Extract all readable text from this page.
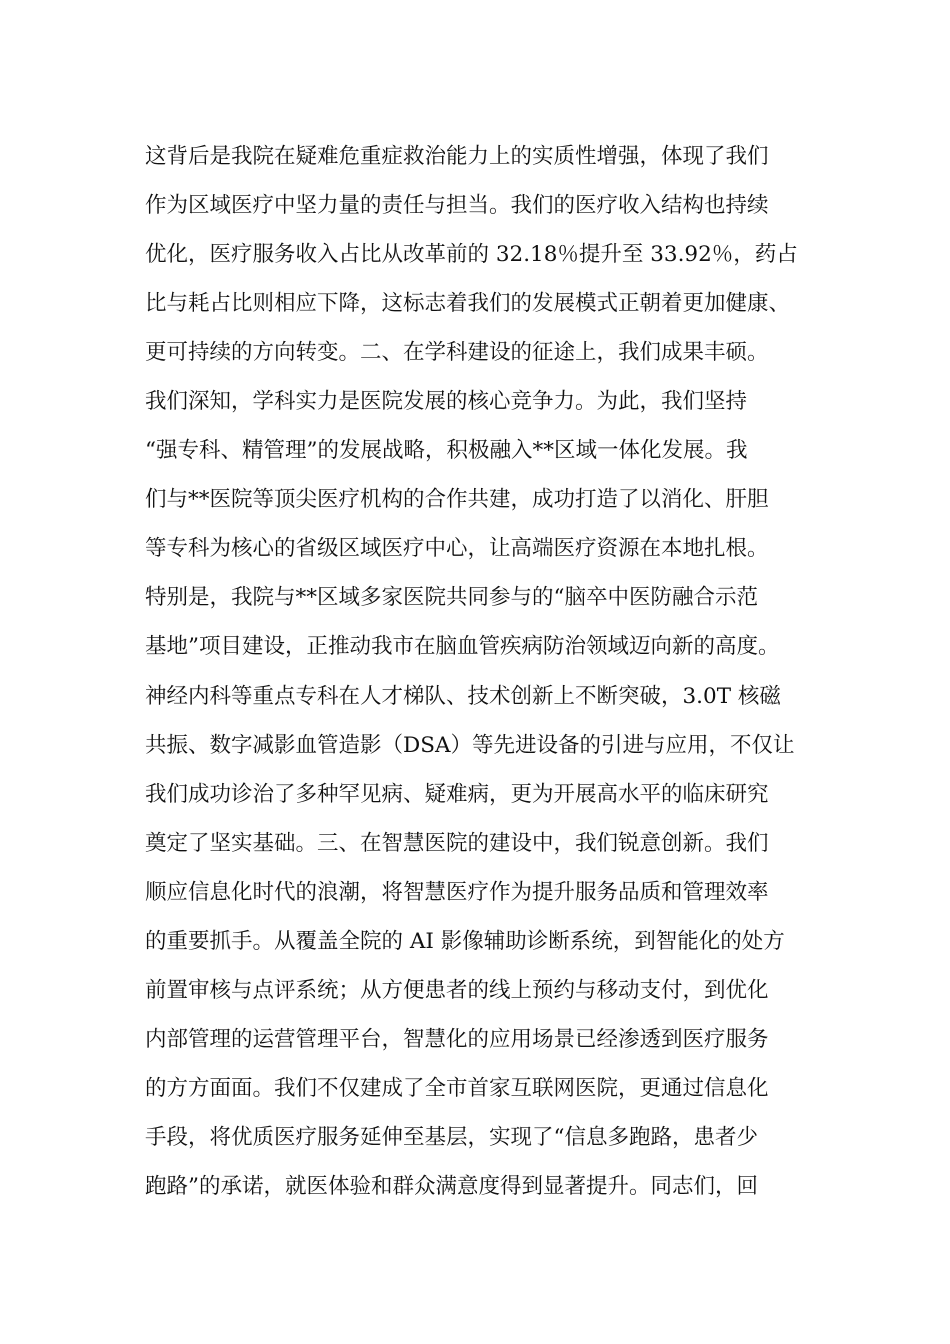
这背后是我院在疑难危重症救治能力上的实质性增强，体现了我们
作为区域医疗中坚力量的责任与担当。我们的医疗收入结构也持续
优化，医疗服务收入占比从改革前的 32.18％提升至 33.92％，药占
比与耗占比则相应下降，这标志着我们的发展模式正朝着更加健康、
更可持续的方向转变。二、在学科建设的征途上，我们成果丰硕。
我们深知，学科实力是医院发展的核心竞争力。为此，我们坚持
“强专科、精管理”的发展战略，积极融入**区域一体化发展。我
们与**医院等顶尖医疗机构的合作共建，成功打造了以消化、肝胆
等专科为核心的省级区域医疗中心，让高端医疗资源在本地扎根。
特别是，我院与**区域多家医院共同参与的“脑卒中医防融合示范
基地”项目建设，正推动我市在脑血管疾病防治领域迈向新的高度。
神经内科等重点专科在人才梯队、技术创新上不断突破，3.0T 核磁
共振、数字减影血管造影（DSA）等先进设备的引进与应用，不仅让
我们成功诊治了多种罕见病、疑难病，更为开展高水平的临床研究
奠定了坚实基础。三、在智慧医院的建设中，我们锐意创新。我们
顺应信息化时代的浪潮，将智慧医疗作为提升服务品质和管理效率
的重要抓手。从覆盖全院的 AI 影像辅助诊断系统，到智能化的处方
前置审核与点评系统；从方便患者的线上预约与移动支付，到优化
内部管理的运营管理平台，智慧化的应用场景已经渗透到医疗服务
的方方面面。我们不仅建成了全市首家互联网医院，更通过信息化
手段，将优质医疗服务延伸至基层，实现了“信息多跑路，患者少
跑路”的承诺，就医体验和群众满意度得到显著提升。同志们，回
